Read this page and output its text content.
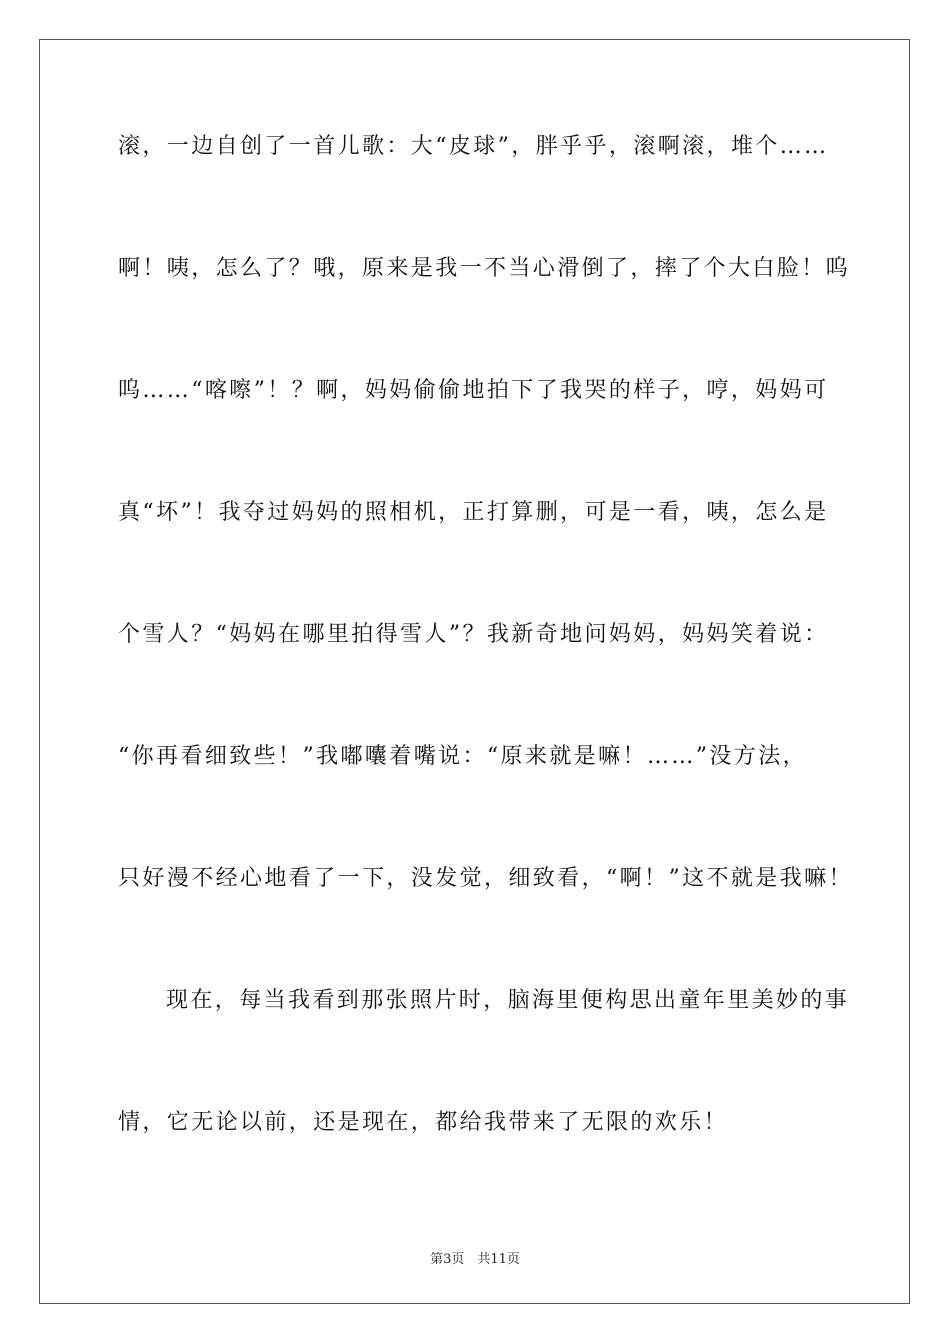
滚，一边自创了一首儿歌：大“皮球”，胖乎乎，滚啊滚，堆个……
啊！咦，怎么了？哦，原来是我一不当心滑倒了，摔了个大白脸！呜
呜……“喀嚓”！？啊，妈妈偷偷地拍下了我哭的样子，哼，妈妈可
真“坏”！我夺过妈妈的照相机，正打算删，可是一看，咦，怎么是
个雪人？“妈妈在哪里拍得雪人”？我新奇地问妈妈，妈妈笑着说：
“你再看细致些！”我嘟囔着嘴说：“原来就是嘛！……”没方法，
只好漫不经心地看了一下，没发觉，细致看，“啊！”这不就是我嘛！
现在，每当我看到那张照片时，脑海里便构思出童年里美妙的事
情，它无论以前，还是现在，都给我带来了无限的欢乐！
第3页　共11页
